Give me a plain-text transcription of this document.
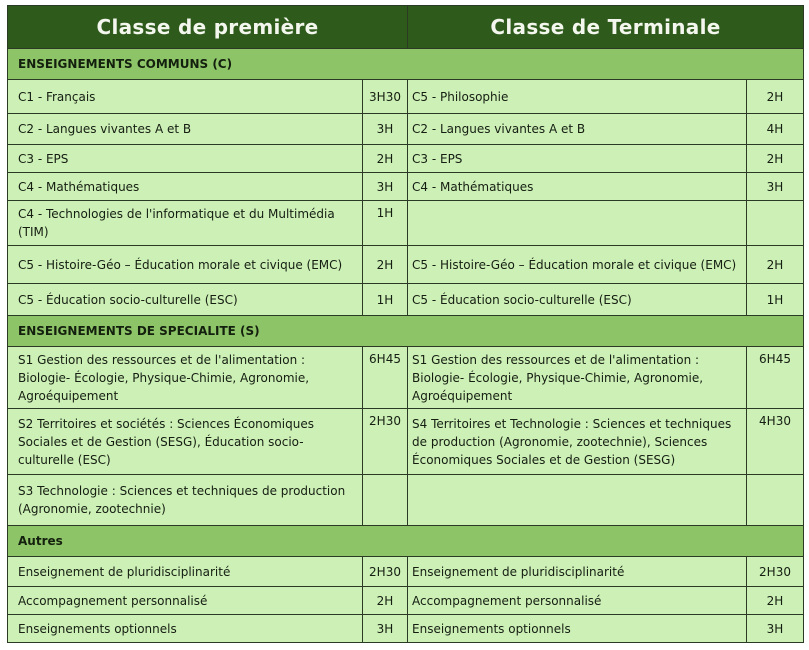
Classe de première		Classe de Terminale	
ENSEIGNEMENTS COMMUNS (C)			
C1 - Français	3H30	C5 - Philosophie	2H
C2 - Langues vivantes A et B	3H	C2 - Langues vivantes A et B	4H
C3 - EPS	2H	C3 - EPS	2H
C4 - Mathématiques	3H	C4 - Mathématiques	3H
C4 - Technologies de l'informatique et du Multimédia (TIM)	1H		
C5 - Histoire-Géo – Éducation morale et civique (EMC)	2H	C5 - Histoire-Géo – Éducation morale et civique (EMC)	2H
C5 - Éducation socio-culturelle (ESC)	1H	C5 - Éducation socio-culturelle (ESC)	1H
ENSEIGNEMENTS DE SPECIALITE (S)			
S1 Gestion des ressources et de l'alimentation : Biologie- Écologie, Physique-Chimie, Agronomie, Agroéquipement	6H45	S1 Gestion des ressources et de l'alimentation : Biologie- Écologie, Physique-Chimie, Agronomie, Agroéquipement	6H45
S2 Territoires et sociétés : Sciences Économiques Sociales et de Gestion (SESG), Éducation socio-culturelle (ESC)	2H30	S4 Territoires et Technologie : Sciences et techniques de production (Agronomie, zootechnie), Sciences Économiques Sociales et de Gestion (SESG)	4H30
S3 Technologie : Sciences et techniques de production (Agronomie, zootechnie)			
Autres			
Enseignement de pluridisciplinarité	2H30	Enseignement de pluridisciplinarité	2H30
Accompagnement personnalisé	2H	Accompagnement personnalisé	2H
Enseignements optionnels	3H	Enseignements optionnels	3H
